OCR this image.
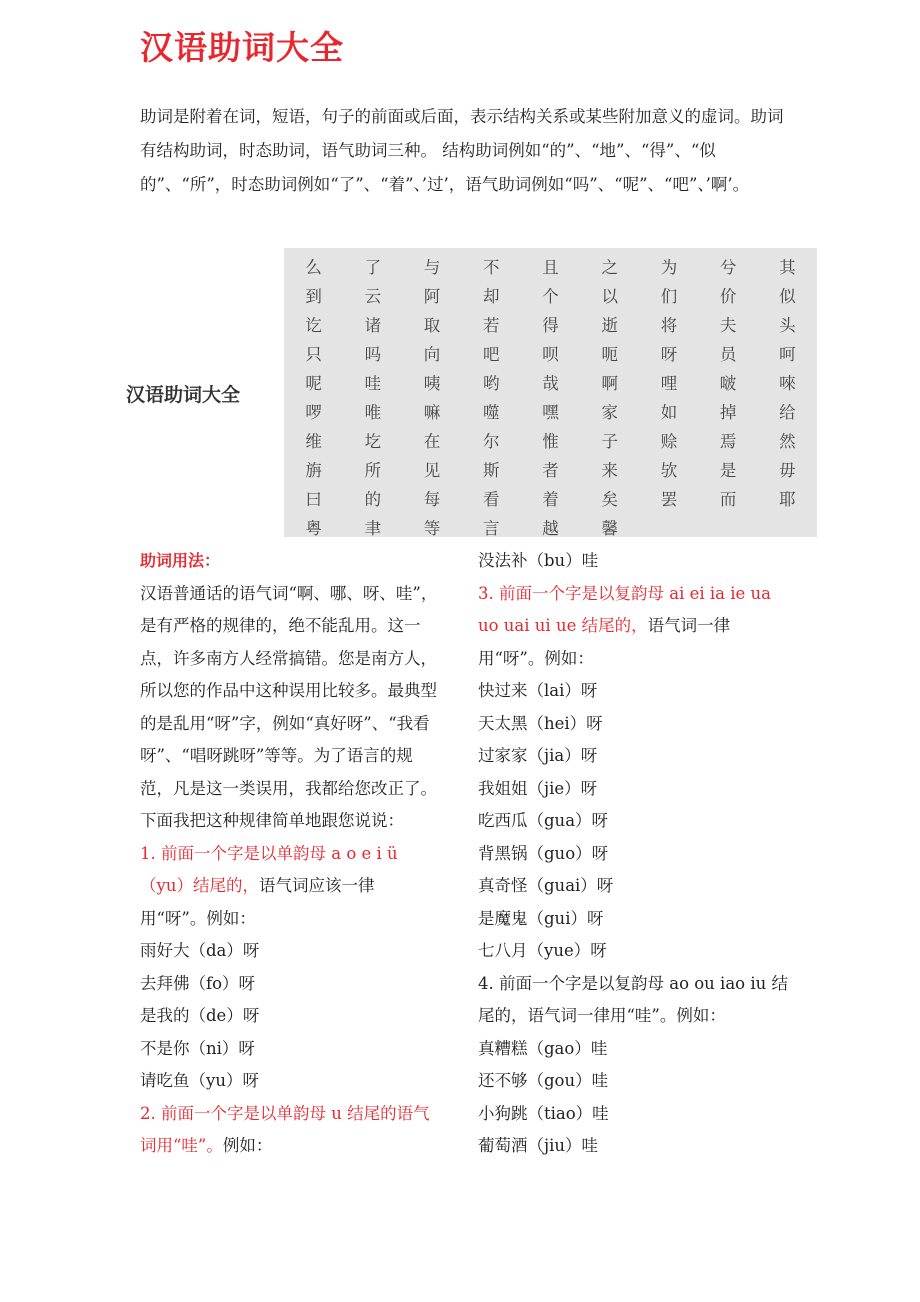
汉语助词大全

助词是附着在词，短语，句子的前面或后面，表示结构关系或某些附加意义的虚词。助词有结构助词，时态助词，语气助词三种。 结构助词例如“的”、“地”、“得”、“似的”、“所”，时态助词例如“了”、“着”、’过’，语气助词例如“吗”、“呢”、“吧”、’啊’。

汉语助词大全
么	了	与	不	且	之	为	兮	其
到	云	阿	却	个	以	们	价	似
讫	诸	取	若	得	逝	将	夫	头
只	吗	向	吧	呗	呃	呀	员	呵
呢	哇	咦	哟	哉	啊	哩	啵	唻
啰	唯	嘛	噬	嘿	家	如	掉	给
维	圪	在	尔	惟	子	赊	焉	然
旃	所	见	斯	者	来	欤	是	毋
曰	的	每	看	着	矣	罢	而	耶
粤	聿	等	言	越	馨

助词用法：

汉语普通话的语气词“啊、哪、呀、哇”，是有严格的规律的，绝不能乱用。这一点，许多南方人经常搞错。您是南方人，所以您的作品中这种误用比较多。最典型的是乱用“呀”字，例如“真好呀”、“我看呀”、“唱呀跳呀”等等。为了语言的规范，凡是这一类误用，我都给您改正了。下面我把这种规律简单地跟您说说：

1. 前面一个字是以单韵母 a o e i ü（yu）结尾的，语气词应该一律用“呀”。例如：

雨好大（da）呀

去拜佛（fo）呀

是我的（de）呀

不是你（ni）呀

请吃鱼（yu）呀

2. 前面一个字是以单韵母 u 结尾的语气词用“哇”。例如：

没法补（bu）哇

3. 前面一个字是以复韵母 ai ei ia ie ua uo uai ui ue 结尾的，语气词一律用“呀”。例如：

快过来（lai）呀

天太黑（hei）呀

过家家（jia）呀

我姐姐（jie）呀

吃西瓜（gua）呀

背黑锅（guo）呀

真奇怪（guai）呀

是魔鬼（gui）呀

七八月（yue）呀

4. 前面一个字是以复韵母 ao ou iao iu 结尾的，语气词一律用“哇”。例如：

真糟糕（gao）哇

还不够（gou）哇

小狗跳（tiao）哇

葡萄酒（jiu）哇
